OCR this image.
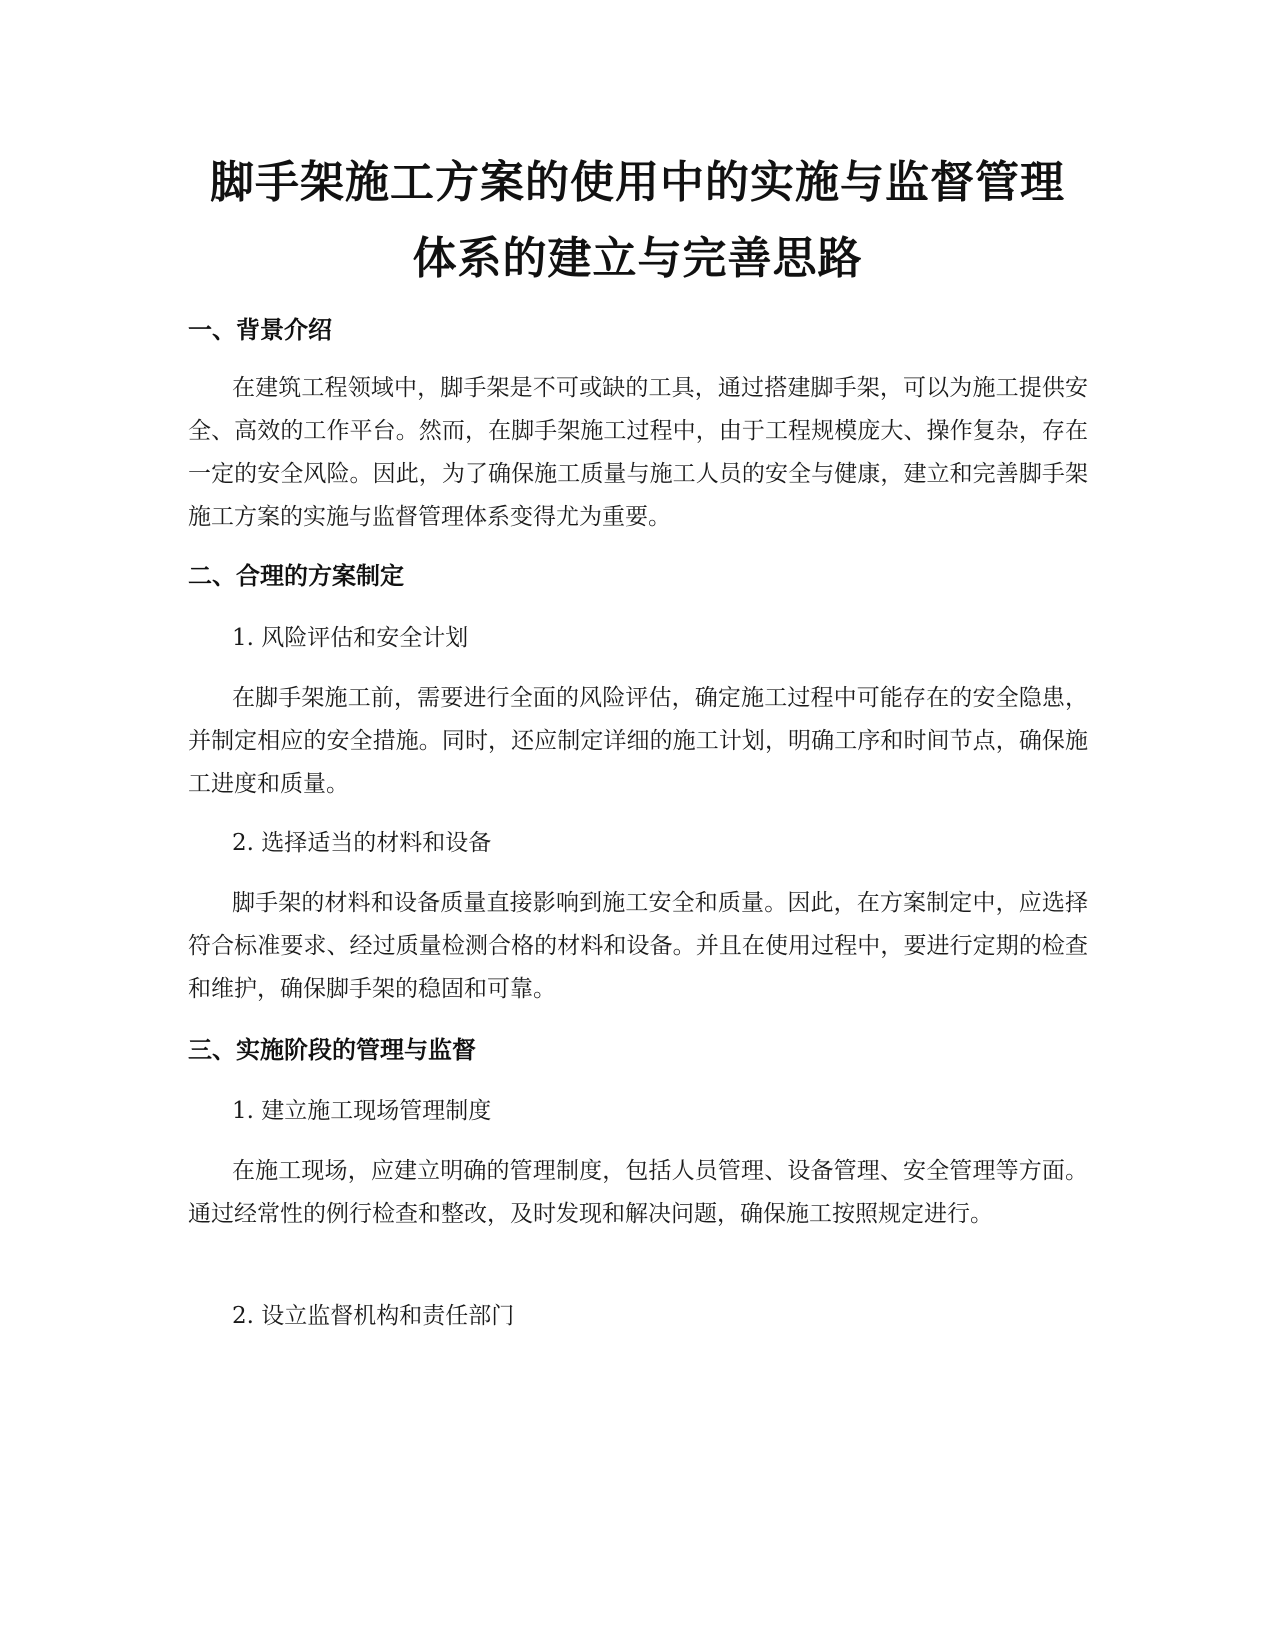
脚手架施工方案的使用中的实施与监督管理
体系的建立与完善思路
一、背景介绍
在建筑工程领域中，脚手架是不可或缺的工具，通过搭建脚手架，可以为施工提供安全、高效的工作平台。然而，在脚手架施工过程中，由于工程规模庞大、操作复杂，存在一定的安全风险。因此，为了确保施工质量与施工人员的安全与健康，建立和完善脚手架施工方案的实施与监督管理体系变得尤为重要。
二、合理的方案制定
1. 风险评估和安全计划
在脚手架施工前，需要进行全面的风险评估，确定施工过程中可能存在的安全隐患，并制定相应的安全措施。同时，还应制定详细的施工计划，明确工序和时间节点，确保施工进度和质量。
2. 选择适当的材料和设备
脚手架的材料和设备质量直接影响到施工安全和质量。因此，在方案制定中，应选择符合标准要求、经过质量检测合格的材料和设备。并且在使用过程中，要进行定期的检查和维护，确保脚手架的稳固和可靠。
三、实施阶段的管理与监督
1. 建立施工现场管理制度
在施工现场，应建立明确的管理制度，包括人员管理、设备管理、安全管理等方面。通过经常性的例行检查和整改，及时发现和解决问题，确保施工按照规定进行。
2. 设立监督机构和责任部门
